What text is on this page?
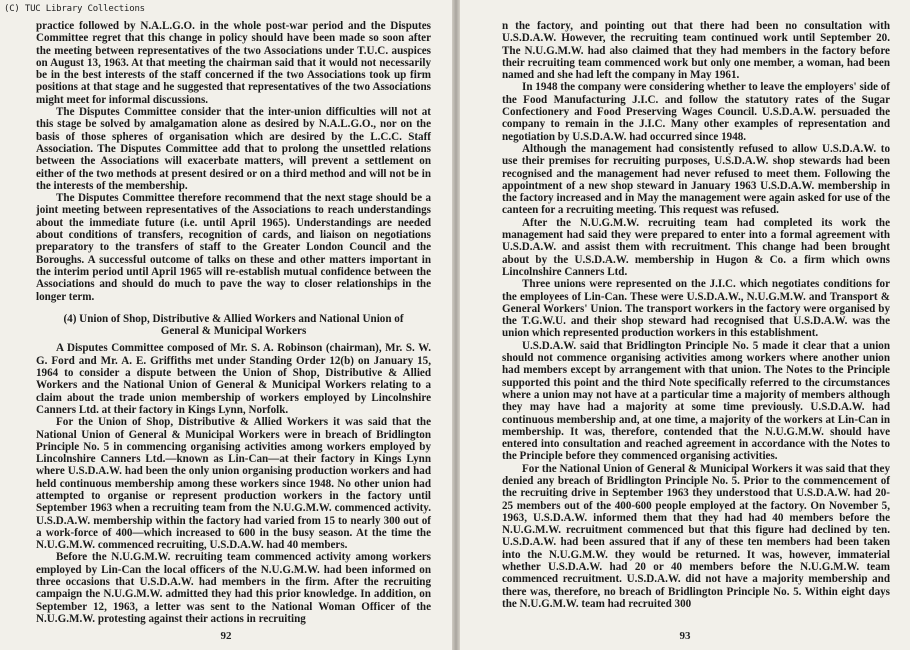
(C) TUC Library Collections

practice followed by N.A.L.G.O. in the whole post-war period and the Disputes Committee regret that this change in policy should have been made so soon after the meeting between representatives of the two Associations under T.U.C. auspices on August 13, 1963. At that meeting the chairman said that it would not necessarily be in the best interests of the staff concerned if the two Associations took up firm positions at that stage and he suggested that representatives of the two Associations might meet for informal discussions.

The Disputes Committee consider that the inter-union difficulties will not at this stage be solved by amalgamation alone as desired by N.A.L.G.O., nor on the basis of those spheres of organisation which are desired by the L.C.C. Staff Association. The Disputes Committee add that to prolong the unsettled relations between the Associations will exacerbate matters, will prevent a settlement on either of the two methods at present desired or on a third method and will not be in the interests of the membership.

The Disputes Committee therefore recommend that the next stage should be a joint meeting between representatives of the Associations to reach understandings about the immediate future (i.e. until April 1965). Understandings are needed about conditions of transfers, recognition of cards, and liaison on negotiations preparatory to the transfers of staff to the Greater London Council and the Boroughs. A successful outcome of talks on these and other matters important in the interim period until April 1965 will re-establish mutual confidence between the Associations and should do much to pave the way to closer relationships in the longer term.

(4) Union of Shop, Distributive & Allied Workers and National Union of General & Municipal Workers

A Disputes Committee composed of Mr. S. A. Robinson (chairman), Mr. S. W. G. Ford and Mr. A. E. Griffiths met under Standing Order 12(b) on January 15, 1964 to consider a dispute between the Union of Shop, Distributive & Allied Workers and the National Union of General & Municipal Workers relating to a claim about the trade union membership of workers employed by Lincolnshire Canners Ltd. at their factory in Kings Lynn, Norfolk.

For the Union of Shop, Distributive & Allied Workers it was said that the National Union of General & Municipal Workers were in breach of Bridlington Principle No. 5 in commencing organising activities among workers employed by Lincolnshire Canners Ltd.—known as Lin-Can—at their factory in Kings Lynn where U.S.D.A.W. had been the only union organising production workers and had held continuous membership among these workers since 1948. No other union had attempted to organise or represent production workers in the factory until September 1963 when a recruiting team from the N.U.G.M.W. commenced activity. U.S.D.A.W. membership within the factory had varied from 15 to nearly 300 out of a work-force of 400—which increased to 600 in the busy season. At the time the N.U.G.M.W. commenced recruiting, U.S.D.A.W. had 40 members.

Before the N.U.G.M.W. recruiting team commenced activity among workers employed by Lin-Can the local officers of the N.U.G.M.W. had been informed on three occasions that U.S.D.A.W. had members in the firm. After the recruiting campaign the N.U.G.M.W. admitted they had this prior knowledge. In addition, on September 12, 1963, a letter was sent to the National Woman Officer of the N.U.G.M.W. protesting against their actions in recruiting

92

n the factory, and pointing out that there had been no consultation with U.S.D.A.W. However, the recruiting team continued work until September 20. The N.U.G.M.W. had also claimed that they had members in the factory before their recruiting team commenced work but only one member, a woman, had been named and she had left the company in May 1961.

In 1948 the company were considering whether to leave the employers' side of the Food Manufacturing J.I.C. and follow the statutory rates of the Sugar Confectionery and Food Preserving Wages Council. U.S.D.A.W. persuaded the company to remain in the J.I.C. Many other examples of representation and negotiation by U.S.D.A.W. had occurred since 1948.

Although the management had consistently refused to allow U.S.D.A.W. to use their premises for recruiting purposes, U.S.D.A.W. shop stewards had been recognised and the management had never refused to meet them. Following the appointment of a new shop steward in January 1963 U.S.D.A.W. membership in the factory increased and in May the management were again asked for use of the canteen for a recruiting meeting. This request was refused.

After the N.U.G.M.W. recruiting team had completed its work the management had said they were prepared to enter into a formal agreement with U.S.D.A.W. and assist them with recruitment. This change had been brought about by the U.S.D.A.W. membership in Hugon & Co. a firm which owns Lincolnshire Canners Ltd.

Three unions were represented on the J.I.C. which negotiates conditions for the employees of Lin-Can. These were U.S.D.A.W., N.U.G.M.W. and Transport & General Workers' Union. The transport workers in the factory were organised by the T.G.W.U. and their shop steward had recognised that U.S.D.A.W. was the union which represented production workers in this establishment.

U.S.D.A.W. said that Bridlington Principle No. 5 made it clear that a union should not commence organising activities among workers where another union had members except by arrangement with that union. The Notes to the Principle supported this point and the third Note specifically referred to the circumstances where a union may not have at a particular time a majority of members although they may have had a majority at some time previously. U.S.D.A.W. had continuous membership and, at one time, a majority of the workers at Lin-Can in membership. It was, therefore, contended that the N.U.G.M.W. should have entered into consultation and reached agreement in accordance with the Notes to the Principle before they commenced organising activities.

For the National Union of General & Municipal Workers it was said that they denied any breach of Bridlington Principle No. 5. Prior to the commencement of the recruiting drive in September 1963 they understood that U.S.D.A.W. had 20-25 members out of the 400-600 people employed at the factory. On November 5, 1963, U.S.D.A.W. informed them that they had had 40 members before the N.U.G.M.W. recruitment commenced but that this figure had declined by ten. U.S.D.A.W. had been assured that if any of these ten members had been taken into the N.U.G.M.W. they would be returned. It was, however, immaterial whether U.S.D.A.W. had 20 or 40 members before the N.U.G.M.W. team commenced recruitment. U.S.D.A.W. did not have a majority membership and there was, therefore, no breach of Bridlington Principle No. 5. Within eight days the N.U.G.M.W. team had recruited 300

93
